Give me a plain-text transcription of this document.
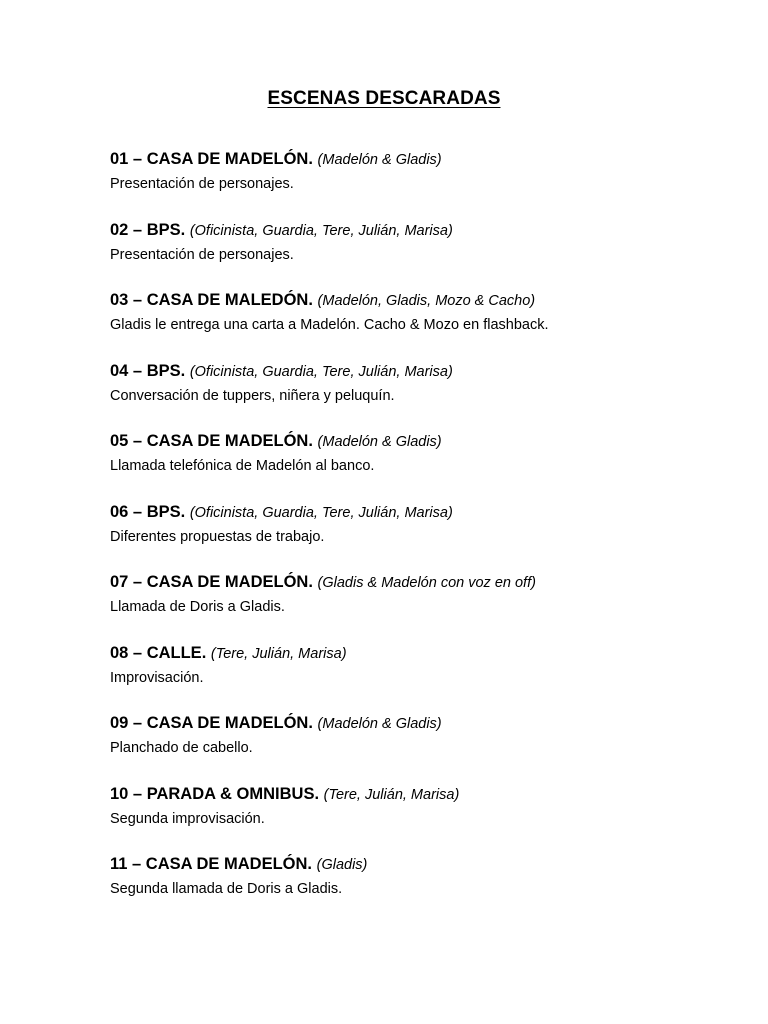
ESCENAS DESCARADAS
01 – CASA DE MADELÓN. (Madelón & Gladis)
Presentación de personajes.
02 – BPS. (Oficinista, Guardia, Tere, Julián, Marisa)
Presentación de personajes.
03 – CASA DE MALEDÓN. (Madelón, Gladis, Mozo & Cacho)
Gladis le entrega una carta a Madelón. Cacho & Mozo en flashback.
04 – BPS. (Oficinista, Guardia, Tere, Julián, Marisa)
Conversación de tuppers, niñera y peluquín.
05 – CASA DE MADELÓN. (Madelón & Gladis)
Llamada telefónica de Madelón al banco.
06 – BPS. (Oficinista, Guardia, Tere, Julián, Marisa)
Diferentes propuestas de trabajo.
07 – CASA DE MADELÓN. (Gladis & Madelón con voz en off)
Llamada de Doris a Gladis.
08 – CALLE. (Tere, Julián, Marisa)
Improvisación.
09 – CASA DE MADELÓN. (Madelón & Gladis)
Planchado de cabello.
10 – PARADA & OMNIBUS. (Tere, Julián, Marisa)
Segunda improvisación.
11 – CASA DE MADELÓN. (Gladis)
Segunda llamada de Doris a Gladis.
